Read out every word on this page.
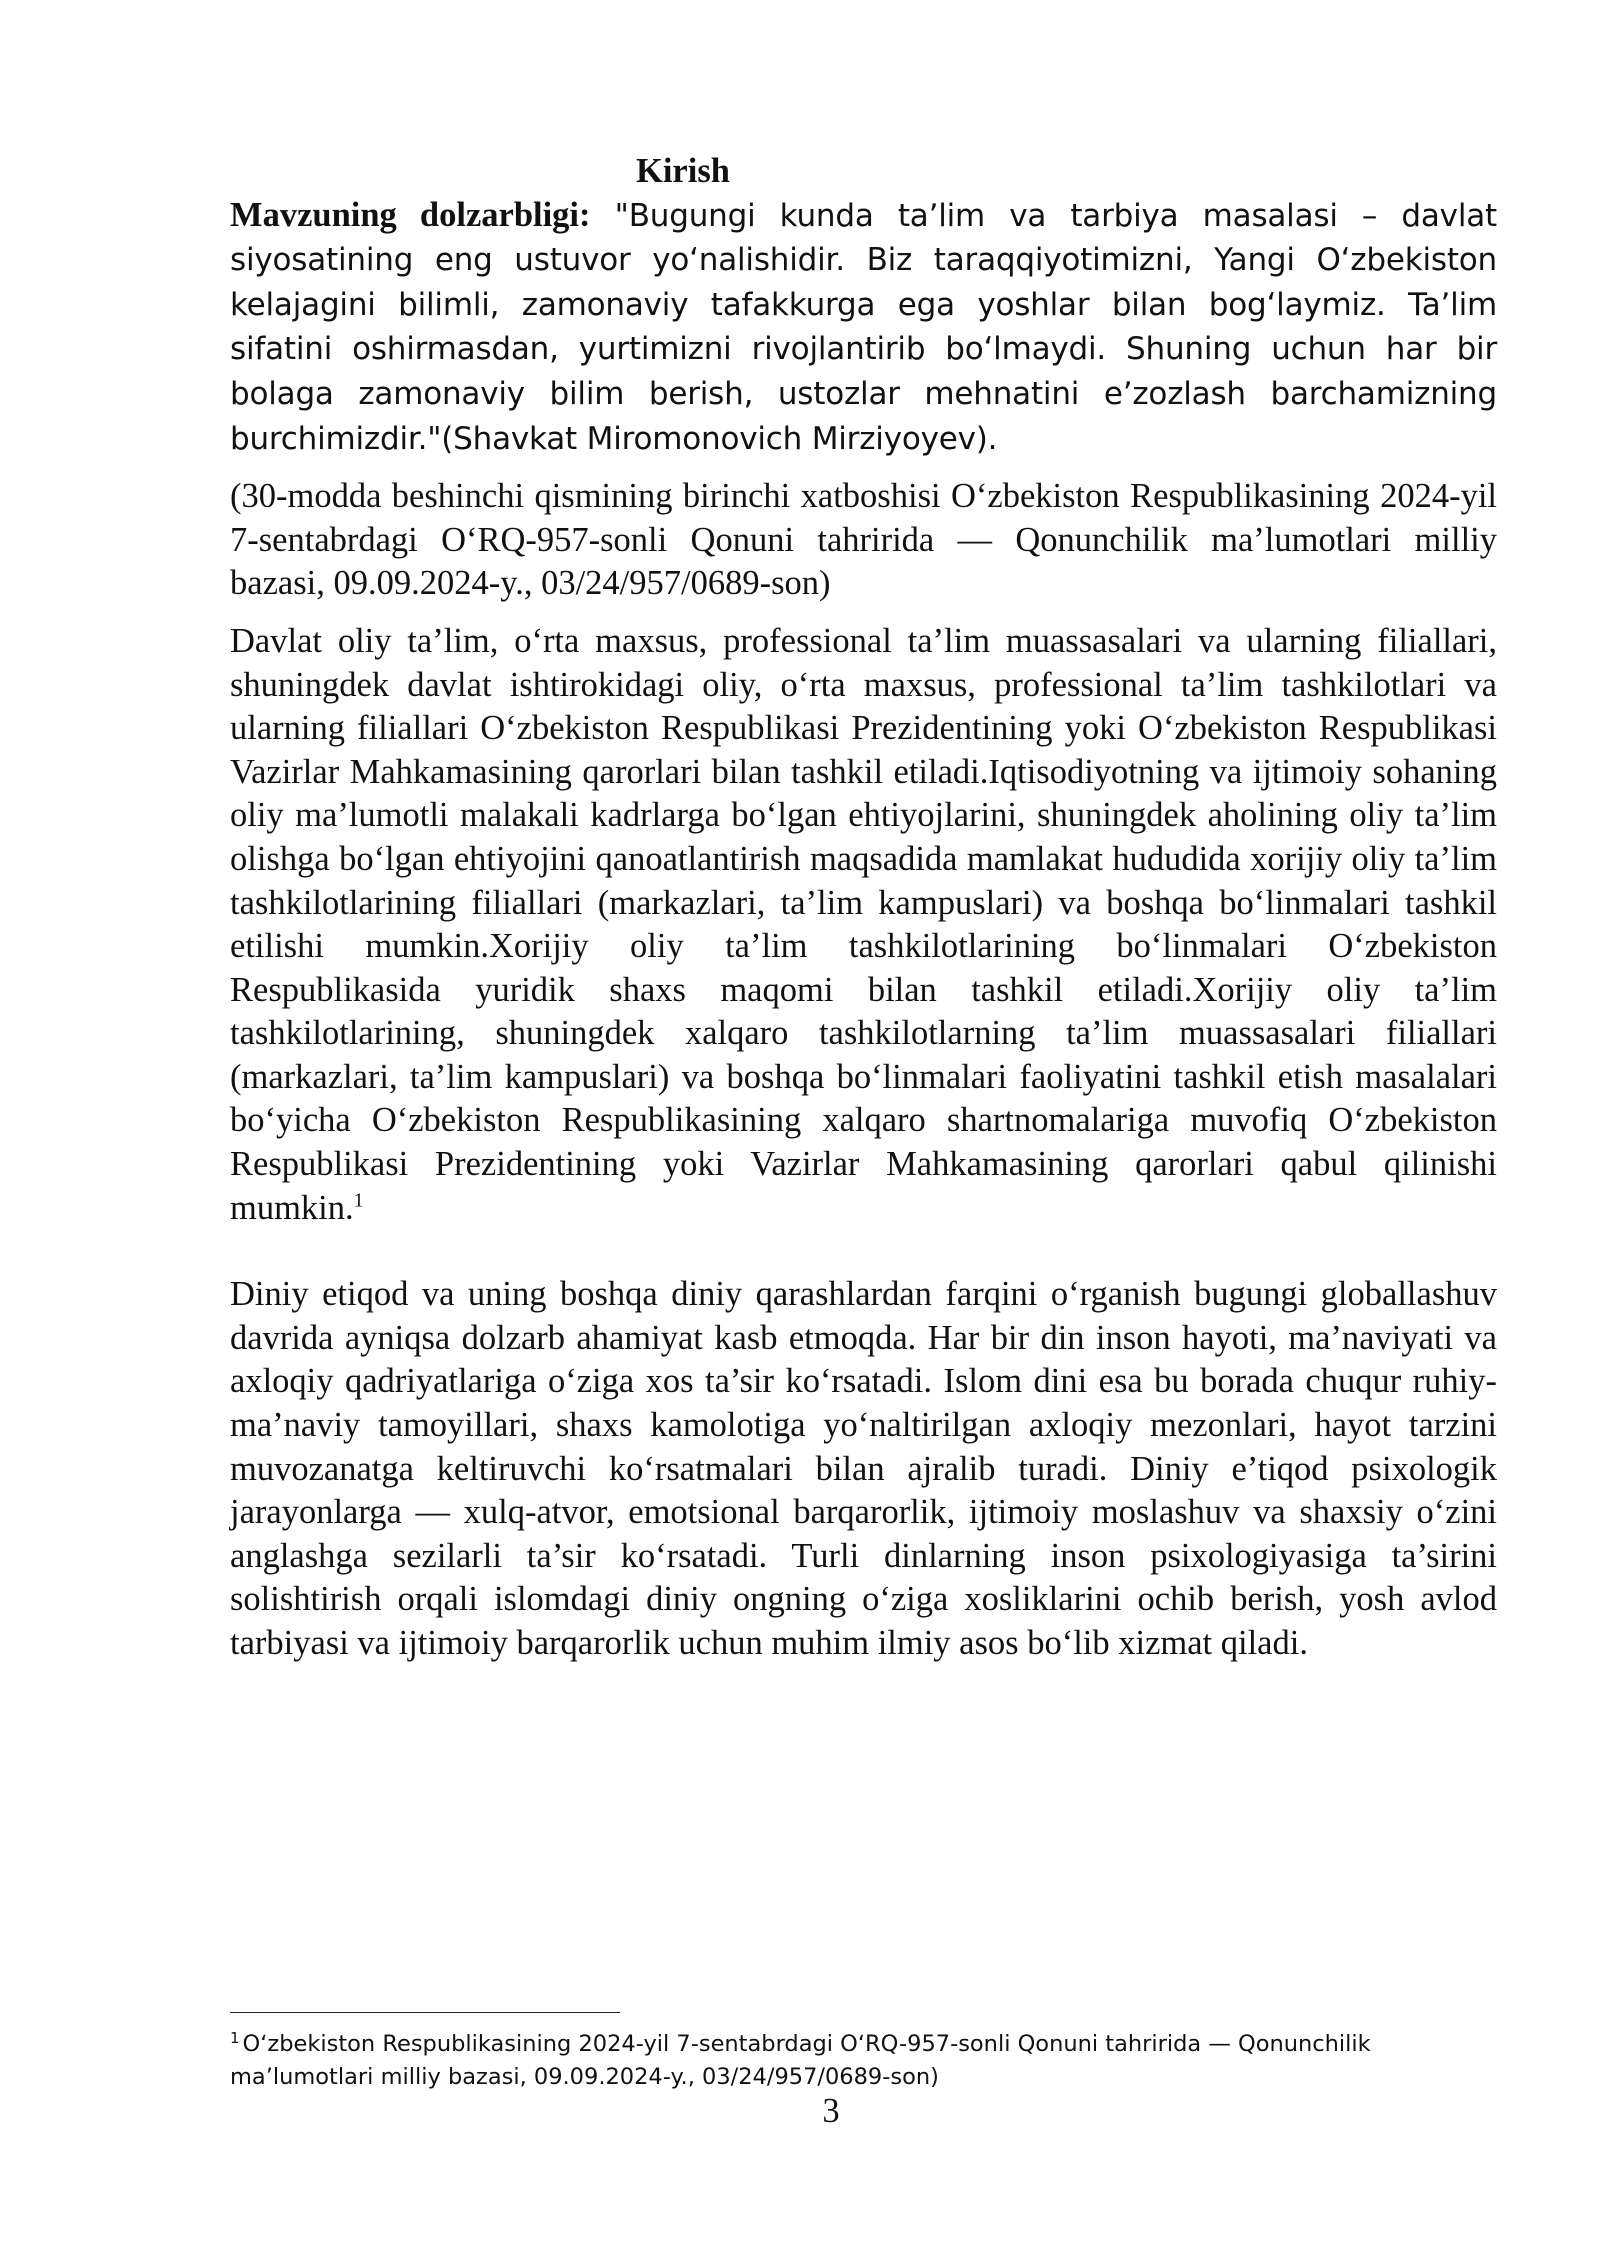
Kirish

Mavzuning dolzarbligi: "Bugungi kunda ta’lim va tarbiya masalasi – davlat siyosatining eng ustuvor yoʻnalishidir. Biz taraqqiyotimizni, Yangi Oʻzbekiston kelajagini bilimli, zamonaviy tafakkurga ega yoshlar bilan bogʻlaymiz. Ta’lim sifatini oshirmasdan, yurtimizni rivojlantirib boʻlmaydi. Shuning uchun har bir bolaga zamonaviy bilim berish, ustozlar mehnatini e’zozlash barchamizning burchimizdir."(Shavkat Miromonovich Mirziyoyev).

(30-modda beshinchi qismining birinchi xatboshisi Oʻzbekiston Respublikasining 2024-yil 7-sentabrdagi OʻRQ-957-sonli Qonuni tahririda — Qonunchilik ma’lumotlari milliy bazasi, 09.09.2024-y., 03/24/957/0689-son)

Davlat oliy ta’lim, oʻrta maxsus, professional ta’lim muassasalari va ularning filiallari, shuningdek davlat ishtirokidagi oliy, oʻrta maxsus, professional ta’lim tashkilotlari va ularning filiallari Oʻzbekiston Respublikasi Prezidentining yoki Oʻzbekiston Respublikasi Vazirlar Mahkamasining qarorlari bilan tashkil etiladi.Iqtisodiyotning va ijtimoiy sohaning oliy ma’lumotli malakali kadrlarga boʻlgan ehtiyojlarini, shuningdek aholining oliy ta’lim olishga boʻlgan ehtiyojini qanoatlantirish maqsadida mamlakat hududida xorijiy oliy ta’lim tashkilotlarining filiallari (markazlari, ta’lim kampuslari) va boshqa boʻlinmalari tashkil etilishi mumkin.Xorijiy oliy ta’lim tashkilotlarining boʻlinmalari Oʻzbekiston Respublikasida yuridik shaxs maqomi bilan tashkil etiladi.Xorijiy oliy ta’lim tashkilotlarining, shuningdek xalqaro tashkilotlarning ta’lim muassasalari filiallari (markazlari, ta’lim kampuslari) va boshqa boʻlinmalari faoliyatini tashkil etish masalalari boʻyicha Oʻzbekiston Respublikasining xalqaro shartnomalariga muvofiq Oʻzbekiston Respublikasi Prezidentining yoki Vazirlar Mahkamasining qarorlari qabul qilinishi mumkin.$^1$

Diniy etiqod va uning boshqa diniy qarashlardan farqini oʻrganish bugungi globallashuv davrida ayniqsa dolzarb ahamiyat kasb etmoqda. Har bir din inson hayoti, ma’naviyati va axloqiy qadriyatlariga oʻziga xos ta’sir koʻrsatadi. Islom dini esa bu borada chuqur ruhiy-ma’naviy tamoyillari, shaxs kamolotiga yoʻnaltirilgan axloqiy mezonlari, hayot tarzini muvozanatga keltiruvchi koʻrsatmalari bilan ajralib turadi. Diniy e’tiqod psixologik jarayonlarga — xulq-atvor, emotsional barqarorlik, ijtimoiy moslashuv va shaxsiy oʻzini anglashga sezilarli ta’sir koʻrsatadi. Turli dinlarning inson psixologiyasiga ta’sirini solishtirish orqali islomdagi diniy ongning oʻziga xosliklarini ochib berish, yosh avlod tarbiyasi va ijtimoiy barqarorlik uchun muhim ilmiy asos boʻlib xizmat qiladi.

$^1$ Oʻzbekiston Respublikasining 2024-yil 7-sentabrdagi OʻRQ-957-sonli Qonuni tahririda — Qonunchilik ma’lumotlari milliy bazasi, 09.09.2024-y., 03/24/957/0689-son)
3
